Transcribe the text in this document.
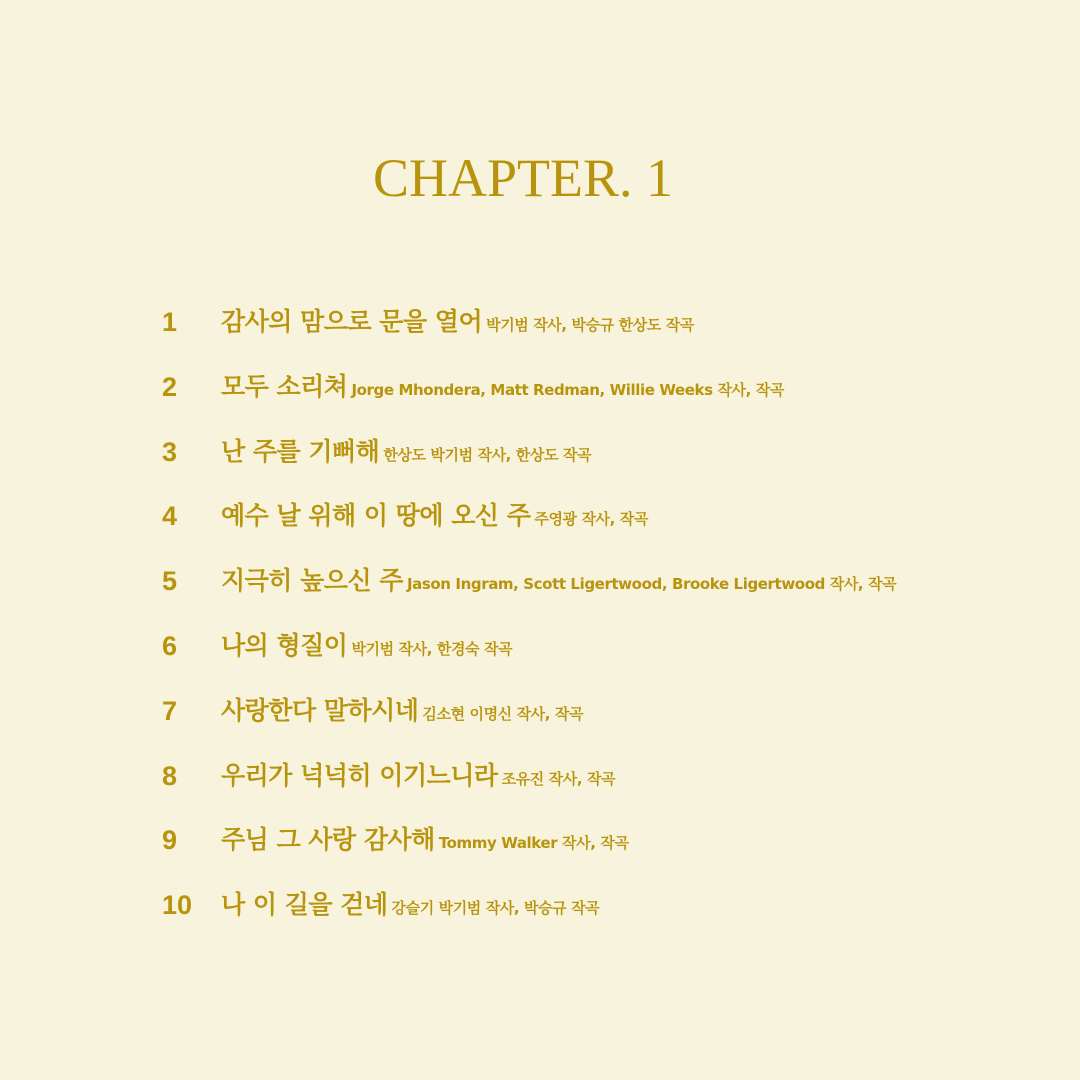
CHAPTER. 1
1 감사의 맘으로 문을 열어 박기범 작사, 박승규 한상도 작곡
2 모두 소리쳐 Jorge Mhondera, Matt Redman, Willie Weeks 작사, 작곡
3 난 주를 기뻐해 한상도 박기범 작사, 한상도 작곡
4 예수 날 위해 이 땅에 오신 주 주영광 작사, 작곡
5 지극히 높으신 주 Jason Ingram, Scott Ligertwood, Brooke Ligertwood 작사, 작곡
6 나의 형질이 박기범 작사, 한경숙 작곡
7 사랑한다 말하시네 김소현 이명신 작사, 작곡
8 우리가 넉넉히 이기느니라 조유진 작사, 작곡
9 주님 그 사랑 감사해 Tommy Walker 작사, 작곡
10 나 이 길을 걷네 강슬기 박기범 작사, 박승규 작곡
